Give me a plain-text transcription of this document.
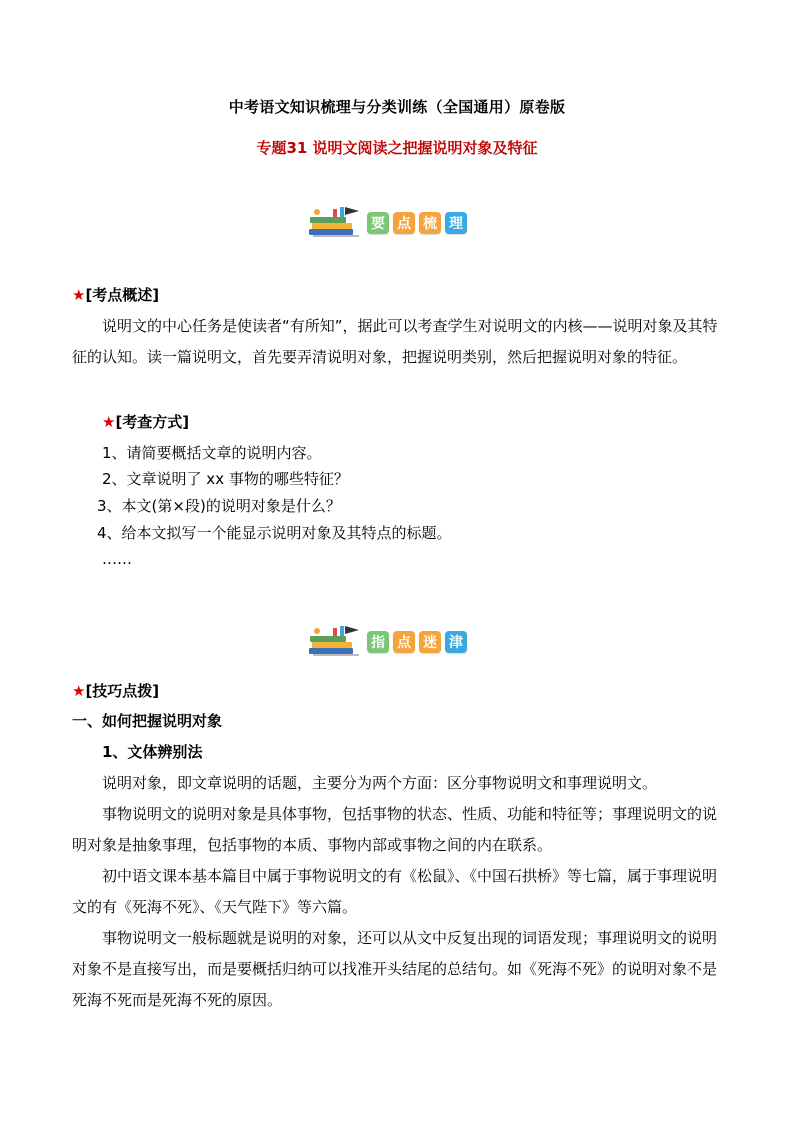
中考语文知识梳理与分类训练（全国通用）原卷版
专题31 说明文阅读之把握说明对象及特征
要 点 梳 理
★[考点概述]

说明文的中心任务是使读者“有所知”，据此可以考查学生对说明文的内核——说明对象及其特征的认知。读一篇说明文，首先要弄清说明对象，把握说明类别，然后把握说明对象的特征。

★[考查方式]
1、请简要概括文章的说明内容。
2、文章说明了 xx 事物的哪些特征？
3、本文(第×段)的说明对象是什么？
4、给本文拟写一个能显示说明对象及其特点的标题。
……
指 点 迷 津
★[技巧点拨]
一、如何把握说明对象
1、文体辨别法

说明对象，即文章说明的话题，主要分为两个方面：区分事物说明文和事理说明文。

事物说明文的说明对象是具体事物，包括事物的状态、性质、功能和特征等；事理说明文的说明对象是抽象事理，包括事物的本质、事物内部或事物之间的内在联系。

初中语文课本基本篇目中属于事物说明文的有《松鼠》、《中国石拱桥》等七篇，属于事理说明文的有《死海不死》、《天气陛下》等六篇。

事物说明文一般标题就是说明的对象，还可以从文中反复出现的词语发现；事理说明文的说明对象不是直接写出，而是要概括归纳可以找准开头结尾的总结句。如《死海不死》的说明对象不是死海不死而是死海不死的原因。
